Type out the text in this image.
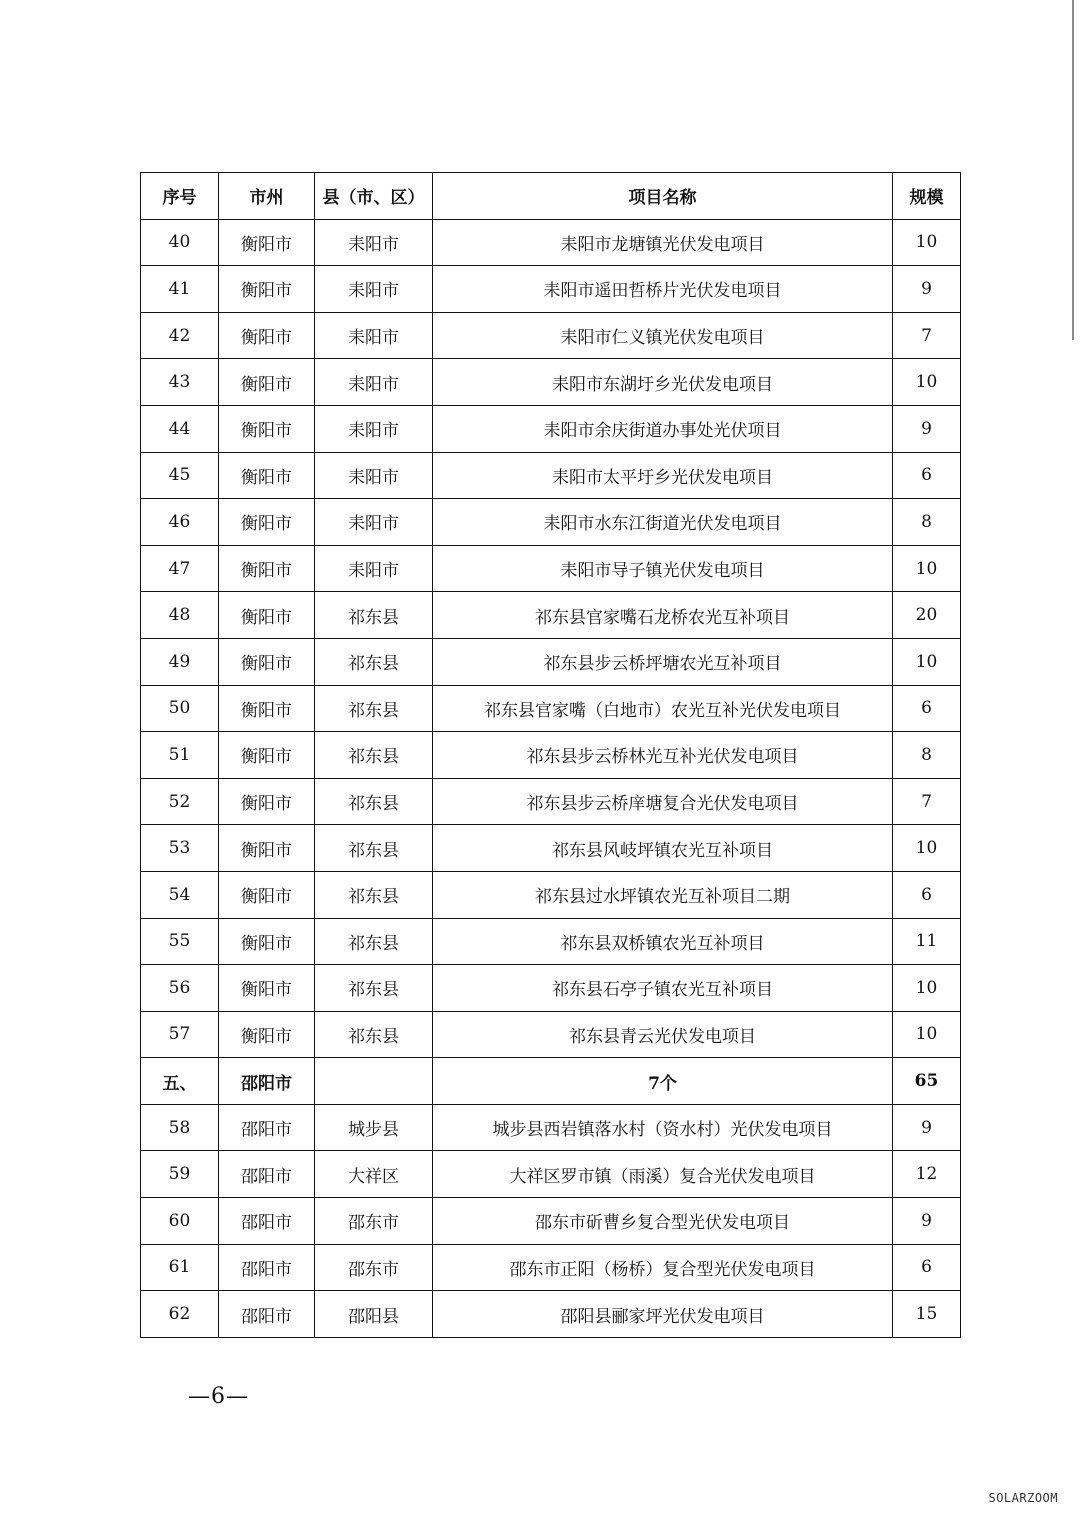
序号	市州	县（市、区）	项目名称	规模
40	衡阳市	耒阳市	耒阳市龙塘镇光伏发电项目	10
41	衡阳市	耒阳市	耒阳市遥田哲桥片光伏发电项目	9
42	衡阳市	耒阳市	耒阳市仁义镇光伏发电项目	7
43	衡阳市	耒阳市	耒阳市东湖圩乡光伏发电项目	10
44	衡阳市	耒阳市	耒阳市余庆街道办事处光伏项目	9
45	衡阳市	耒阳市	耒阳市太平圩乡光伏发电项目	6
46	衡阳市	耒阳市	耒阳市水东江街道光伏发电项目	8
47	衡阳市	耒阳市	耒阳市导子镇光伏发电项目	10
48	衡阳市	祁东县	祁东县官家嘴石龙桥农光互补项目	20
49	衡阳市	祁东县	祁东县步云桥坪塘农光互补项目	10
50	衡阳市	祁东县	祁东县官家嘴（白地市）农光互补光伏发电项目	6
51	衡阳市	祁东县	祁东县步云桥林光互补光伏发电项目	8
52	衡阳市	祁东县	祁东县步云桥庠塘复合光伏发电项目	7
53	衡阳市	祁东县	祁东县风岐坪镇农光互补项目	10
54	衡阳市	祁东县	祁东县过水坪镇农光互补项目二期	6
55	衡阳市	祁东县	祁东县双桥镇农光互补项目	11
56	衡阳市	祁东县	祁东县石亭子镇农光互补项目	10
57	衡阳市	祁东县	祁东县青云光伏发电项目	10
五、	邵阳市		7个	65
58	邵阳市	城步县	城步县西岩镇落水村（资水村）光伏发电项目	9
59	邵阳市	大祥区	大祥区罗市镇（雨溪）复合光伏发电项目	12
60	邵阳市	邵东市	邵东市斫曹乡复合型光伏发电项目	9
61	邵阳市	邵东市	邵东市正阳（杨桥）复合型光伏发电项目	6
62	邵阳市	邵阳县	邵阳县郦家坪光伏发电项目	15
—6—
SOLARZOOM
